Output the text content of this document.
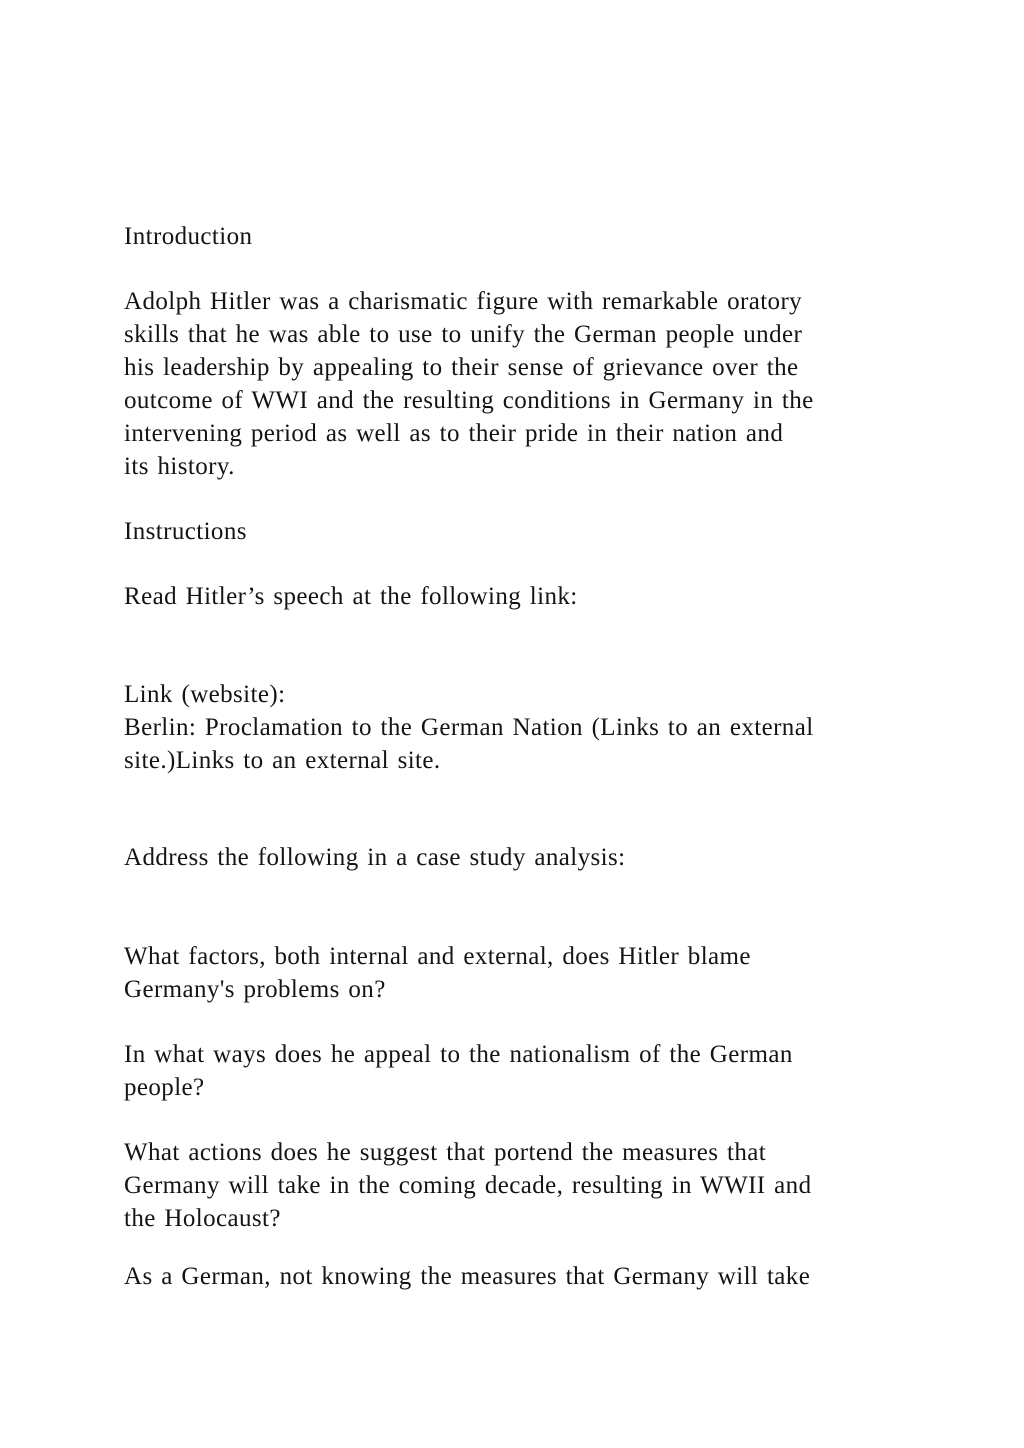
Introduction
Adolph Hitler was a charismatic figure with remarkable oratory
skills that he was able to use to unify the German people under
his leadership by appealing to their sense of grievance over the
outcome of WWI and the resulting conditions in Germany in the
intervening period as well as to their pride in their nation and
its history.
Instructions
Read Hitler’s speech at the following link:
Link (website):
Berlin: Proclamation to the German Nation (Links to an external
site.)Links to an external site.
Address the following in a case study analysis:
What factors, both internal and external, does Hitler blame
Germany's problems on?
In what ways does he appeal to the nationalism of the German
people?
What actions does he suggest that portend the measures that
Germany will take in the coming decade, resulting in WWII and
the Holocaust?
As a German, not knowing the measures that Germany will take
